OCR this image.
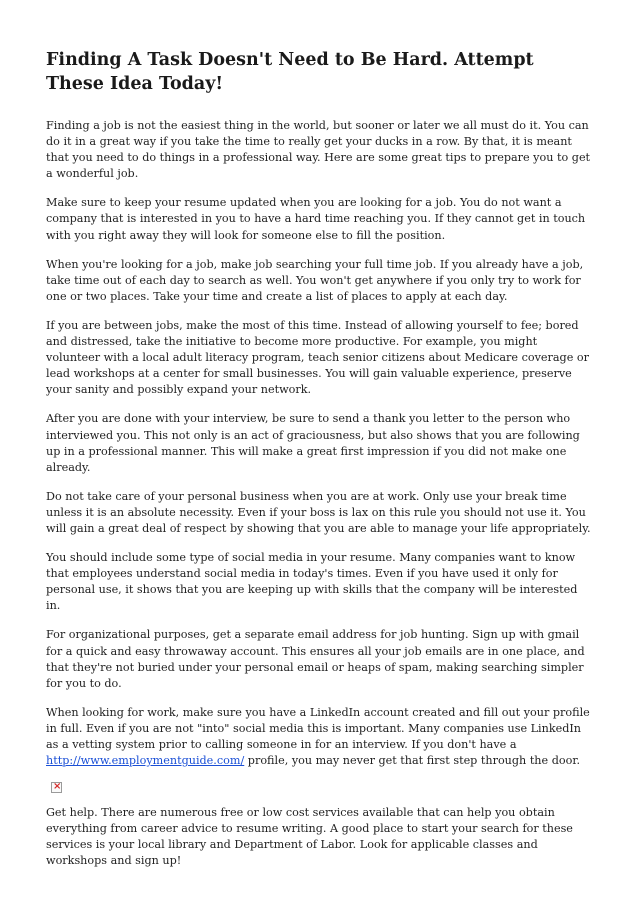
Finding A Task Doesn't Need to Be Hard. Attempt These Idea Today!

Finding a job is not the easiest thing in the world, but sooner or later we all must do it. You can do it in a great way if you take the time to really get your ducks in a row. By that, it is meant that you need to do things in a professional way. Here are some great tips to prepare you to get a wonderful job.

Make sure to keep your resume updated when you are looking for a job. You do not want a company that is interested in you to have a hard time reaching you. If they cannot get in touch with you right away they will look for someone else to fill the position.

When you're looking for a job, make job searching your full time job. If you already have a job, take time out of each day to search as well. You won't get anywhere if you only try to work for one or two places. Take your time and create a list of places to apply at each day.

If you are between jobs, make the most of this time. Instead of allowing yourself to fee; bored and distressed, take the initiative to become more productive. For example, you might volunteer with a local adult literacy program, teach senior citizens about Medicare coverage or lead workshops at a center for small businesses. You will gain valuable experience, preserve your sanity and possibly expand your network.

After you are done with your interview, be sure to send a thank you letter to the person who interviewed you. This not only is an act of graciousness, but also shows that you are following up in a professional manner. This will make a great first impression if you did not make one already.

Do not take care of your personal business when you are at work. Only use your break time unless it is an absolute necessity. Even if your boss is lax on this rule you should not use it. You will gain a great deal of respect by showing that you are able to manage your life appropriately.

You should include some type of social media in your resume. Many companies want to know that employees understand social media in today's times. Even if you have used it only for personal use, it shows that you are keeping up with skills that the company will be interested in.

For organizational purposes, get a separate email address for job hunting. Sign up with gmail for a quick and easy throwaway account. This ensures all your job emails are in one place, and that they're not buried under your personal email or heaps of spam, making searching simpler for you to do.

When looking for work, make sure you have a LinkedIn account created and fill out your profile in full. Even if you are not "into" social media this is important. Many companies use LinkedIn as a vetting system prior to calling someone in for an interview. If you don't have a http://www.employmentguide.com/ profile, you may never get that first step through the door.

×

Get help. There are numerous free or low cost services available that can help you obtain everything from career advice to resume writing. A good place to start your search for these services is your local library and Department of Labor. Look for applicable classes and workshops and sign up!
